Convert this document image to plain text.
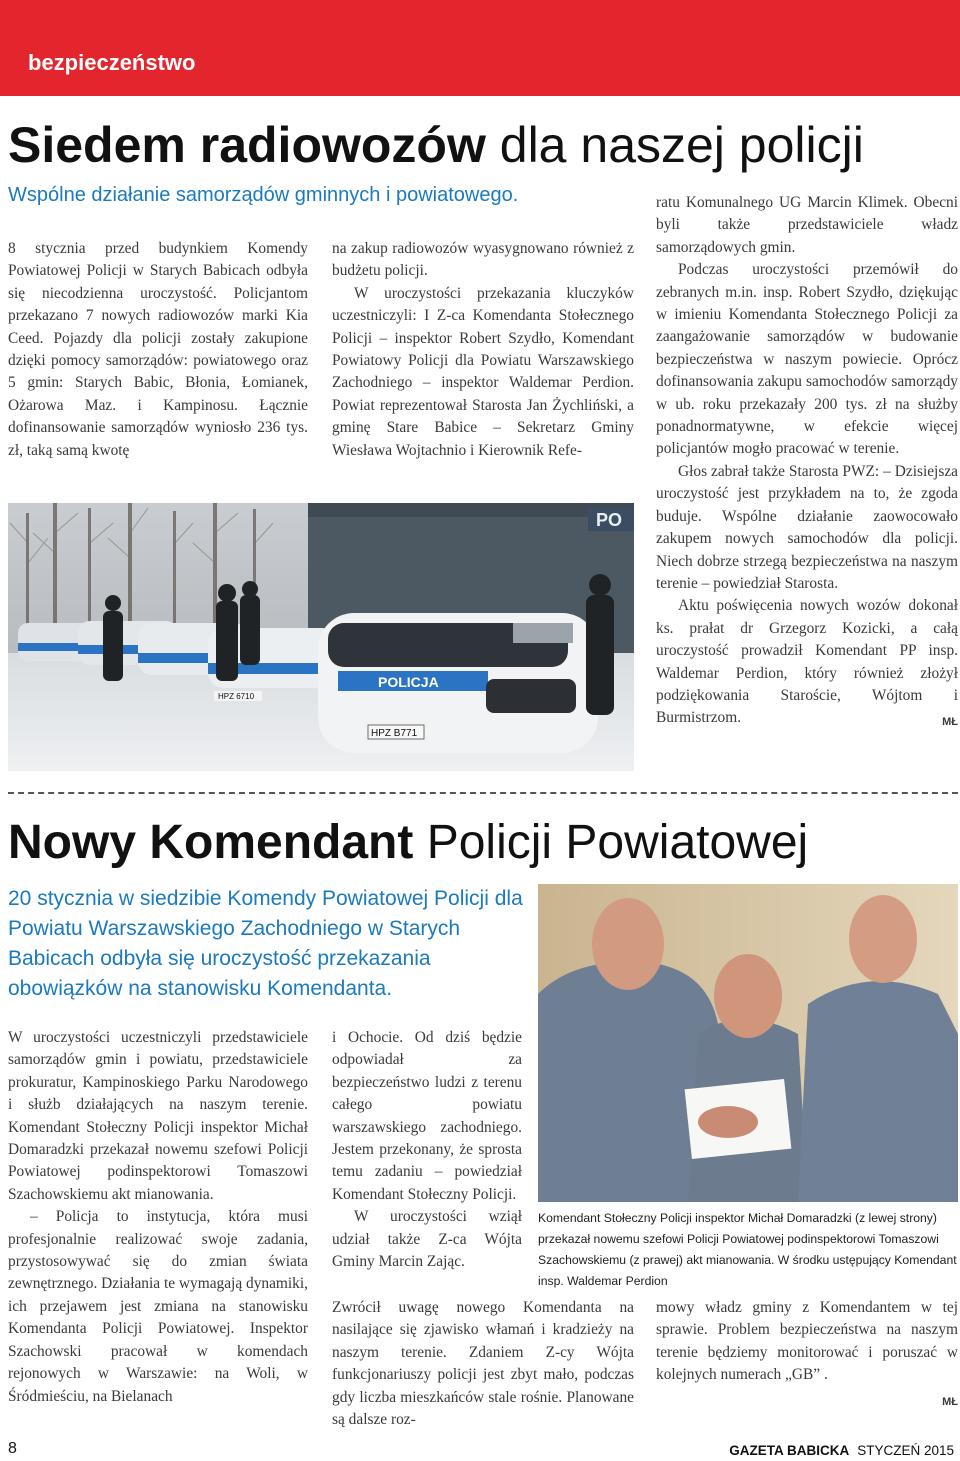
bezpieczeństwo
Siedem radiowozów dla naszej policji
Wspólne działanie samorządów gminnych i powiatowego.

8 stycznia przed budynkiem Komendy Powiatowej Policji w Starych Babicach odbyła się niecodzienna uroczystość. Policjantom przekazano 7 nowych radiowozów marki Kia Ceed. Pojazdy dla policji zostały zakupione dzięki pomocy samorządów: powiatowego oraz 5 gmin: Starych Babic, Błonia, Łomianek, Ożarowa Maz. i Kampinosu. Łącznie dofinansowanie samorządów wyniosło 236 tys. zł, taką samą kwotę

na zakup radiowozów wyasygnowano również z budżetu policji.

W uroczystości przekazania kluczyków uczestniczyli: I Z-ca Komendanta Stołecznego Policji – inspektor Robert Szydło, Komendant Powiatowy Policji dla Powiatu Warszawskiego Zachodniego – inspektor Waldemar Perdion. Powiat reprezentował Starosta Jan Żychliński, a gminę Stare Babice – Sekretarz Gminy Wiesława Wojtachnio i Kierownik Refe-

ratu Komunalnego UG Marcin Klimek. Obecni byli także przedstawiciele władz samorządowych gmin.

Podczas uroczystości przemówił do zebranych m.in. insp. Robert Szydło, dziękując w imieniu Komendanta Stołecznego Policji za zaangażowanie samorządów w budowanie bezpieczeństwa w naszym powiecie. Oprócz dofinansowania zakupu samochodów samorządy w ub. roku przekazały 200 tys. zł na służby ponadnormatywne, w efekcie więcej policjantów mogło pracować w terenie.

Głos zabrał także Starosta PWZ: – Dzisiejsza uroczystość jest przykładem na to, że zgoda buduje. Wspólne działanie zaowocowało zakupem nowych samochodów dla policji. Niech dobrze strzegą bezpieczeństwa na naszym terenie – powiedział Starosta.

Aktu poświęcenia nowych wozów dokonał ks. prałat dr Grzegorz Kozicki, a całą uroczystość prowadził Komendant PP insp. Waldemar Perdion, który również złożył podziękowania Staroście, Wójtom i Burmistrzom.	MŁ

PO
HPZ 6710
POLICJA
HPZ B771
Nowy Komendant Policji Powiatowej

20 stycznia w siedzibie Komendy Powiatowej Policji dla Powiatu Warszawskiego Zachodniego w Starych Babicach odbyła się uroczystość przekazania obowiązków na stanowisku Komendanta.

Komendant Stołeczny Policji inspektor Michał Domaradzki (z lewej strony) przekazał nowemu szefowi Policji Powiatowej podinspektorowi Tomaszowi Szachowskiemu (z prawej) akt mianowania. W środku ustępujący Komendant insp. Waldemar Perdion

W uroczystości uczestniczyli przedstawiciele samorządów gmin i powiatu, przedstawiciele prokuratur, Kampinoskiego Parku Narodowego i służb działających na naszym terenie. Komendant Stołeczny Policji inspektor Michał Domaradzki przekazał nowemu szefowi Policji Powiatowej podinspektorowi Tomaszowi Szachowskiemu akt mianowania.

– Policja to instytucja, która musi profesjonalnie realizować swoje zadania, przystosowywać się do zmian świata zewnętrznego. Działania te wymagają dynamiki, ich przejawem jest zmiana na stanowisku Komendanta Policji Powiatowej. Inspektor Szachowski pracował w komendach rejonowych w Warszawie: na Woli, w Śródmieściu, na Bielanach

i Ochocie. Od dziś będzie odpowiadał za bezpieczeństwo ludzi z terenu całego powiatu warszawskiego zachodniego. Jestem przekonany, że sprosta temu zadaniu – powiedział Komendant Stołeczny Policji.

W uroczystości wziął udział także Z-ca Wójta Gminy Marcin Zając.

Zwrócił uwagę nowego Komendanta na nasilające się zjawisko włamań i kradzieży na naszym terenie. Zdaniem Z-cy Wójta funkcjonariuszy policji jest zbyt mało, podczas gdy liczba mieszkańców stale rośnie. Planowane są dalsze roz-

mowy władz gminy z Komendantem w tej sprawie. Problem bezpieczeństwa na naszym terenie będziemy monitorować i poruszać w kolejnych numerach „GB” .

MŁ

8	GAZETA BABICKA STYCZEŃ 2015
